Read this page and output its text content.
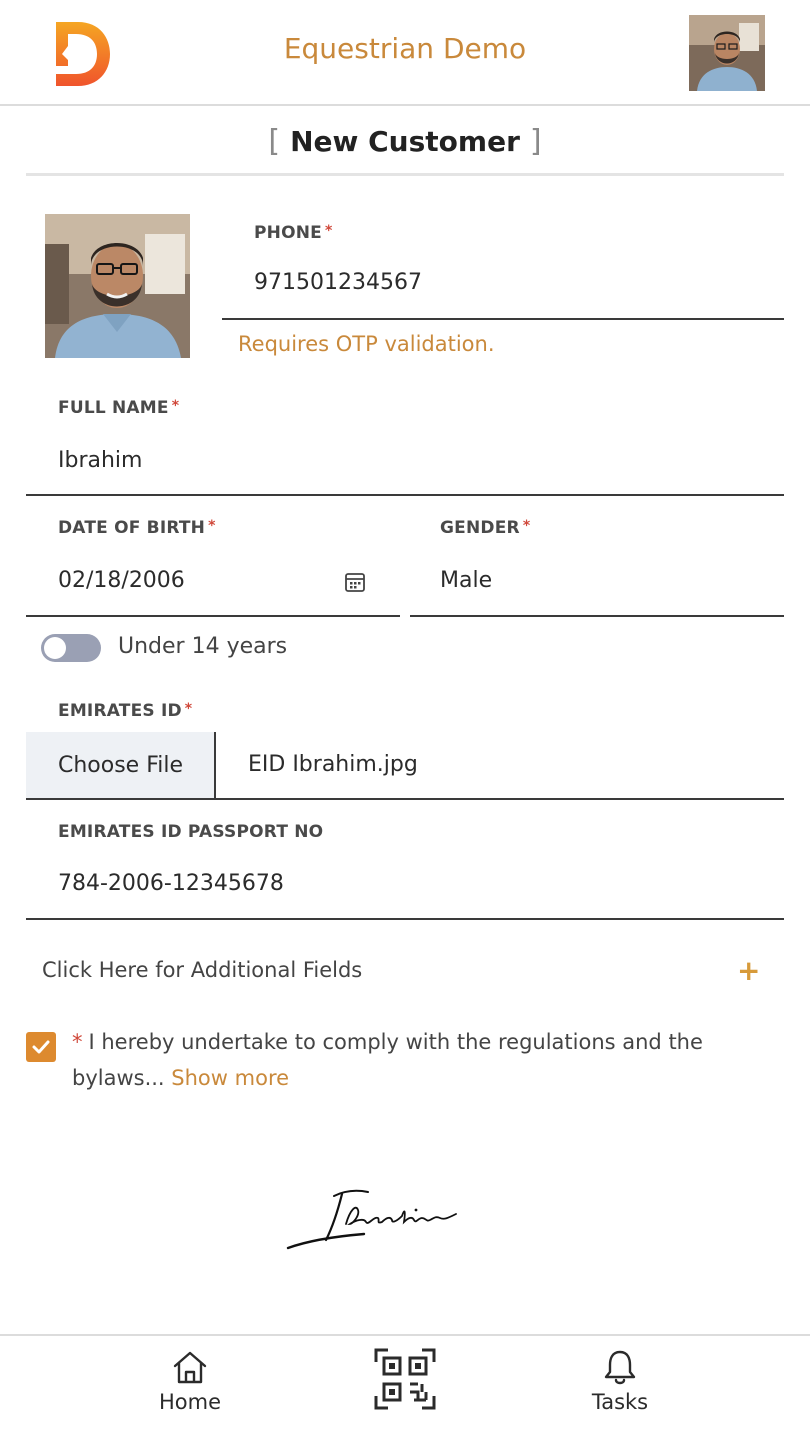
Equestrian Demo
[ New Customer ]
PHONE *
971501234567
Requires OTP validation.
FULL NAME *
Ibrahim
DATE OF BIRTH *
02/18/2006
GENDER *
Male
Under 14 years
EMIRATES ID *
Choose File	EID Ibrahim.jpg
EMIRATES ID PASSPORT NO
784-2006-12345678
Click Here for Additional Fields	+
* I hereby undertake to comply with the regulations and the bylaws... Show more
Home	Tasks
